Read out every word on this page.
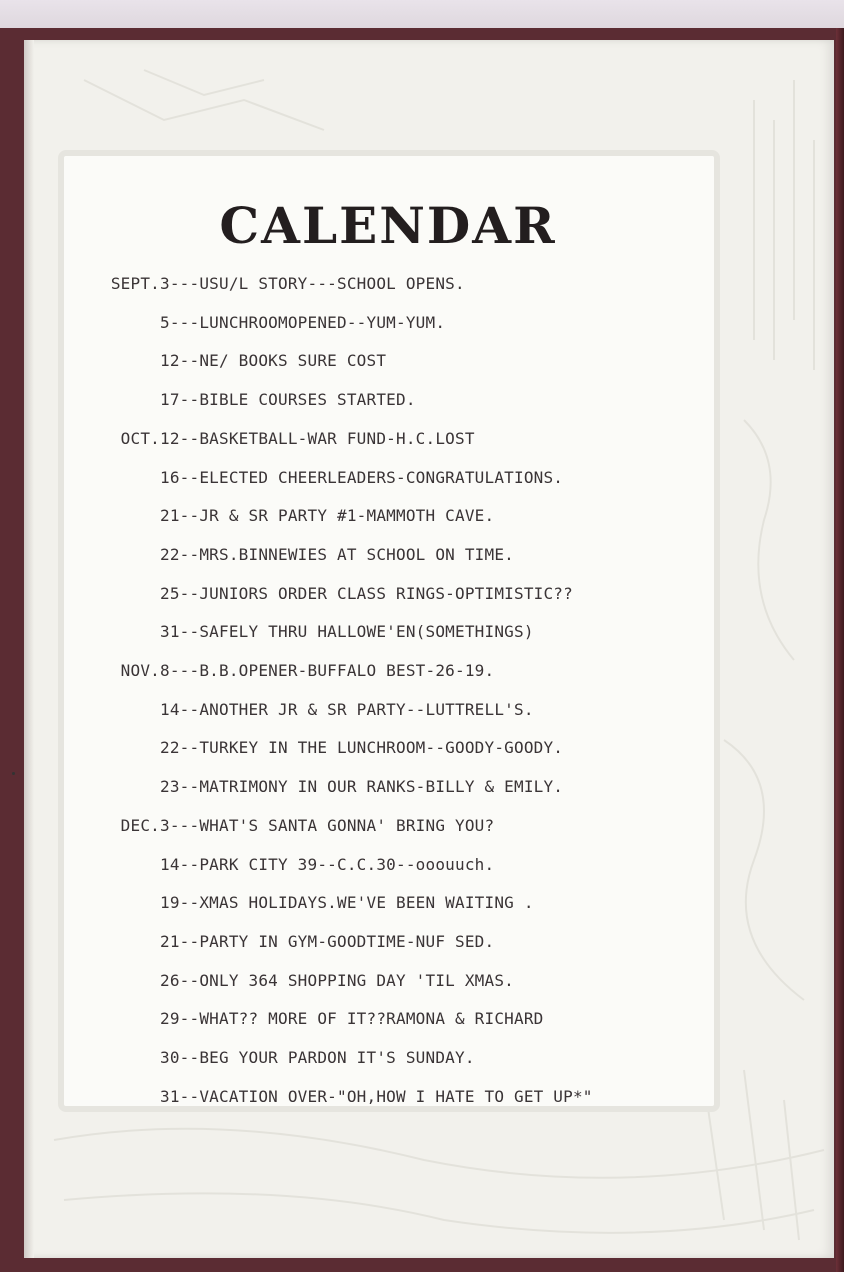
CALENDAR
SEPT. 3---USU/L STORY---SCHOOL OPENS.
5---LUNCHROOMOPENED--YUM-YUM.
12--NE/ BOOKS SURE COST
17--BIBLE COURSES STARTED.
OCT. 12--BASKETBALL-WAR FUND-H.C.LOST
16--ELECTED CHEERLEADERS-CONGRATULATIONS.
21--JR & SR PARTY #1-MAMMOTH CAVE.
22--MRS.BINNEWIES AT SCHOOL ON TIME.
25--JUNIORS ORDER CLASS RINGS-OPTIMISTIC??
31--SAFELY THRU HALLOWE'EN(SOMETHINGS)
NOV. 8---B.B.OPENER-BUFFALO BEST-26-19.
14--ANOTHER JR & SR PARTY--LUTTRELL'S.
22--TURKEY IN THE LUNCHROOM--GOODY-GOODY.
23--MATRIMONY IN OUR RANKS-BILLY & EMILY.
DEC. 3---WHAT'S SANTA GONNA' BRING YOU?
14--PARK CITY 39--C.C.30--ooouuch.
19--XMAS HOLIDAYS.WE'VE BEEN WAITING .
21--PARTY IN GYM-GOODTIME-NUF SED.
26--ONLY 364 SHOPPING DAY 'TIL XMAS.
29--WHAT?? MORE OF IT??RAMONA & RICHARD
30--BEG YOUR PARDON IT'S SUNDAY.
31--VACATION OVER-"OH,HOW I HATE TO GET UP*"
